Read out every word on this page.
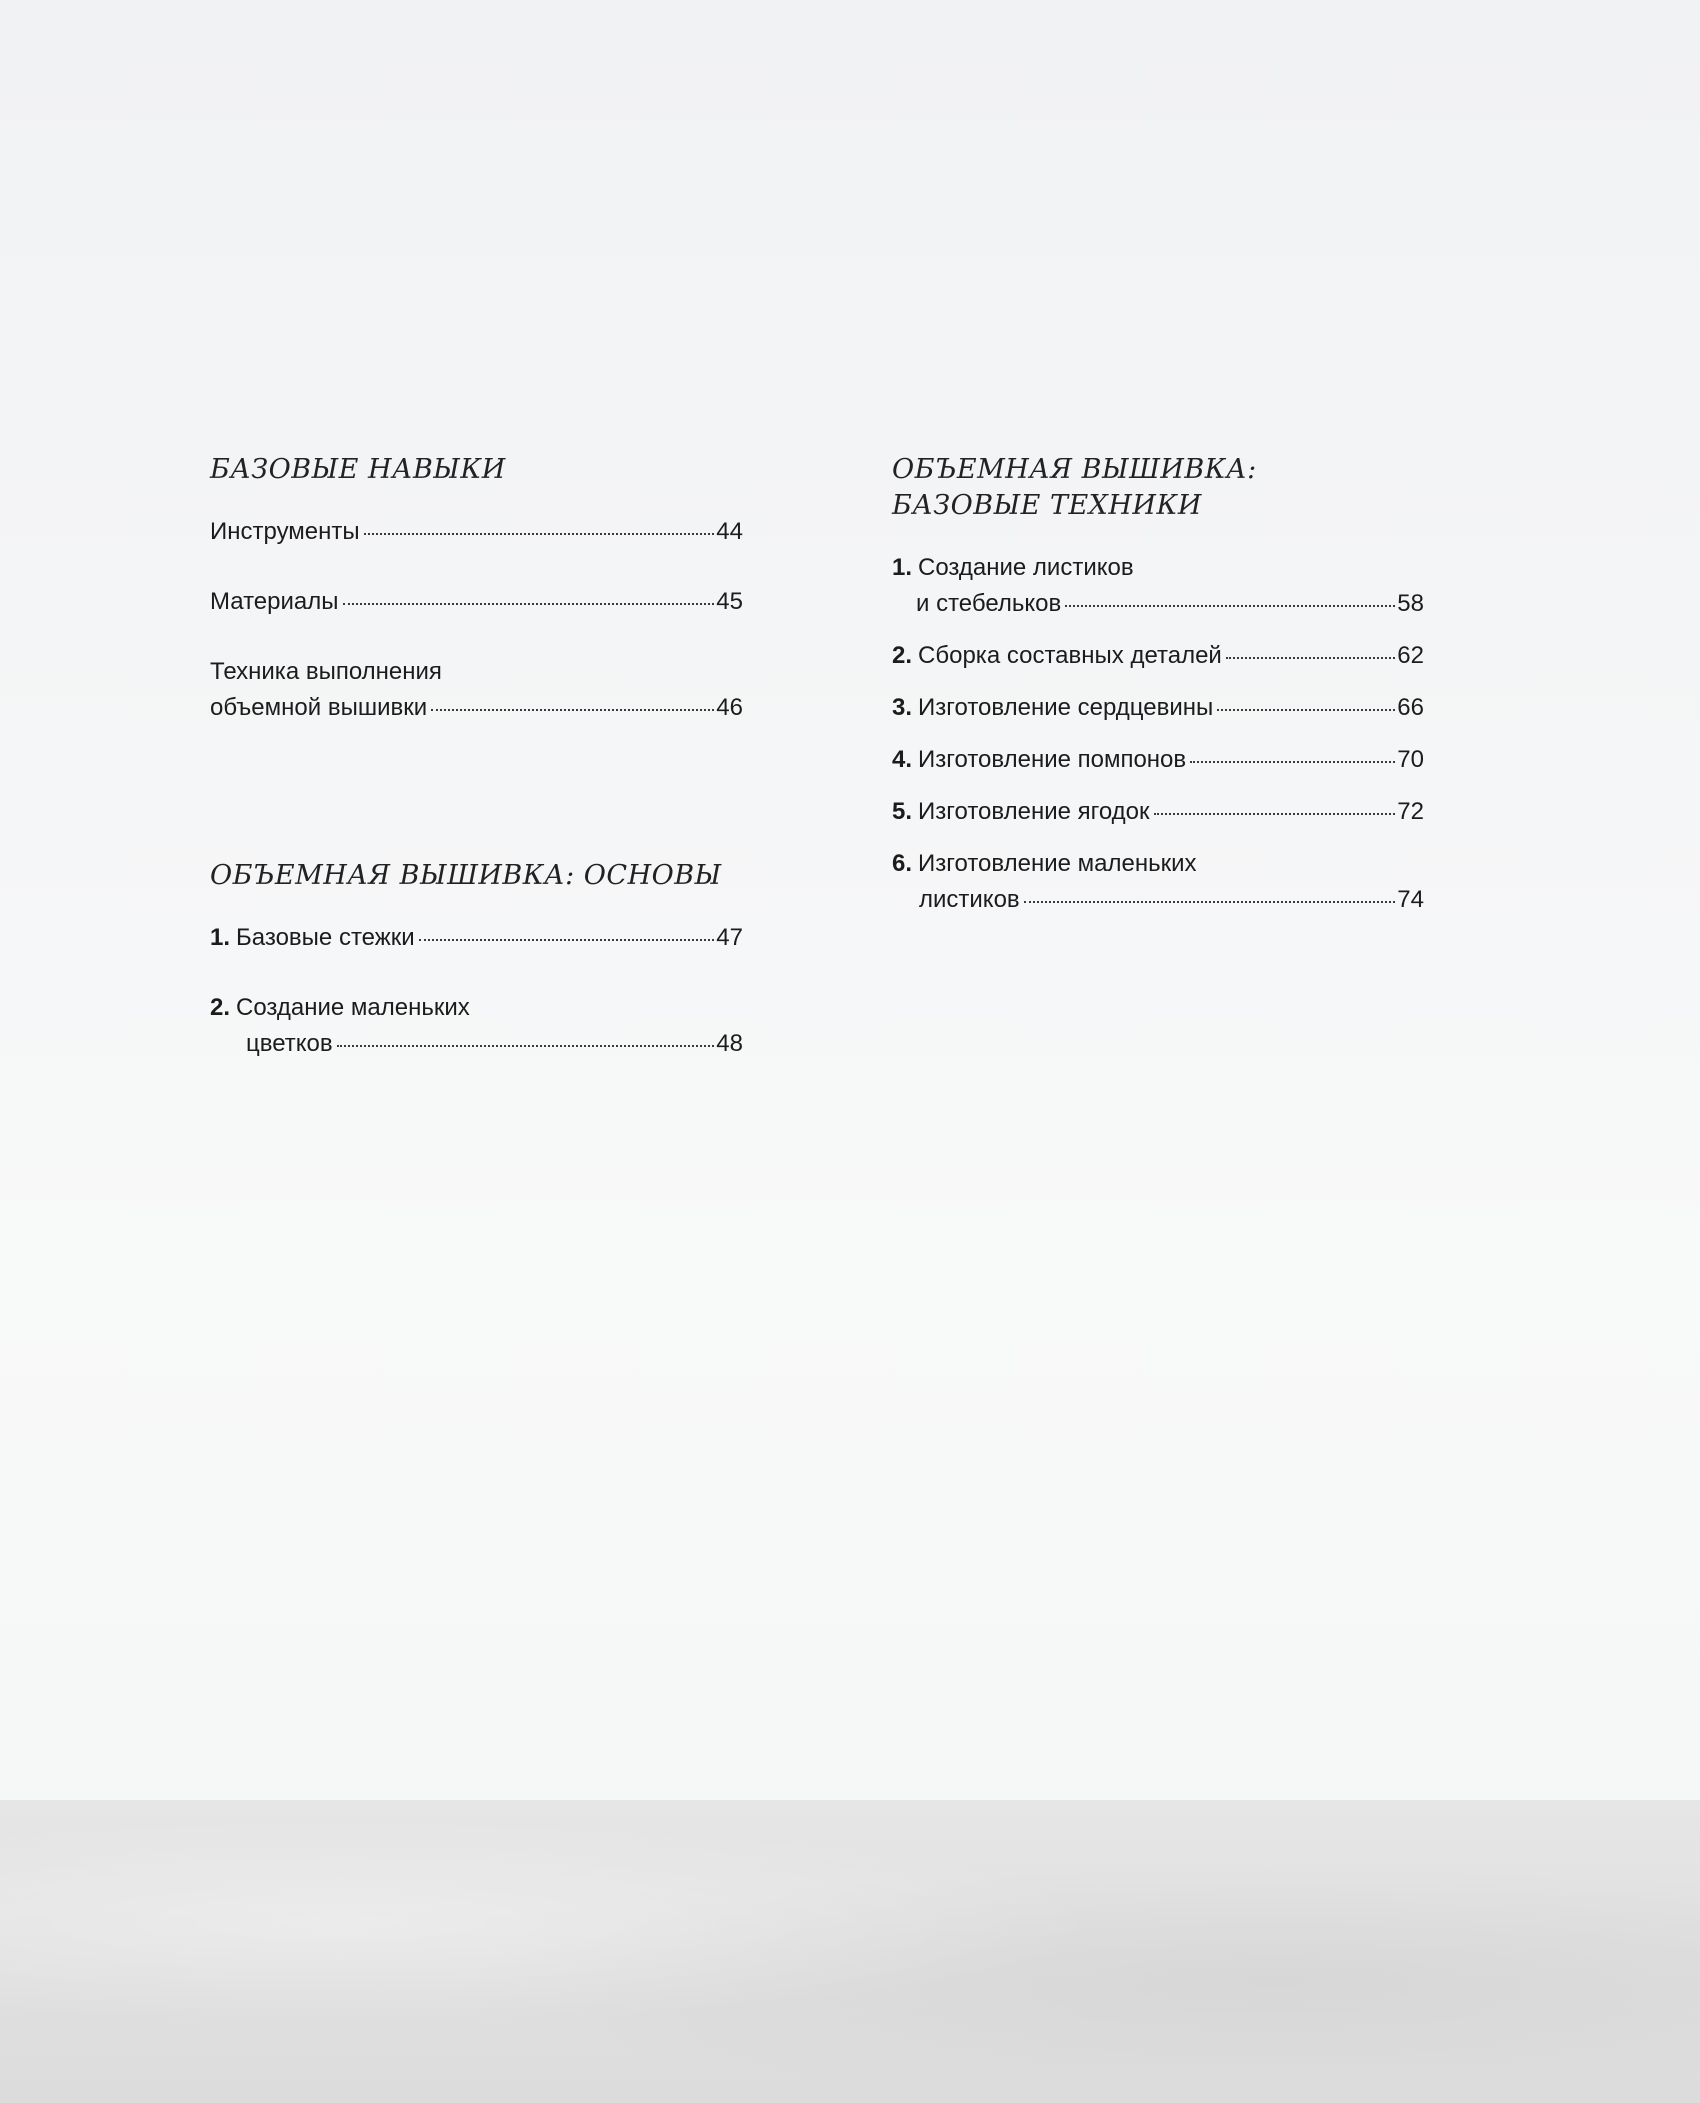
БАЗОВЫЕ НАВЫКИ
Инструменты	44
Материалы	45
Техника выполнения
объемной вышивки	46
ОБЪЕМНАЯ ВЫШИВКА: ОСНОВЫ
1. Базовые стежки	47
2. Создание маленьких
цветков	48
ОБЪЕМНАЯ ВЫШИВКА:
БАЗОВЫЕ ТЕХНИКИ
1. Создание листиков
и стебельков	58
2. Сборка составных деталей	62
3. Изготовление сердцевины	66
4. Изготовление помпонов	70
5. Изготовление ягодок	72
6. Изготовление маленьких
листиков	74
